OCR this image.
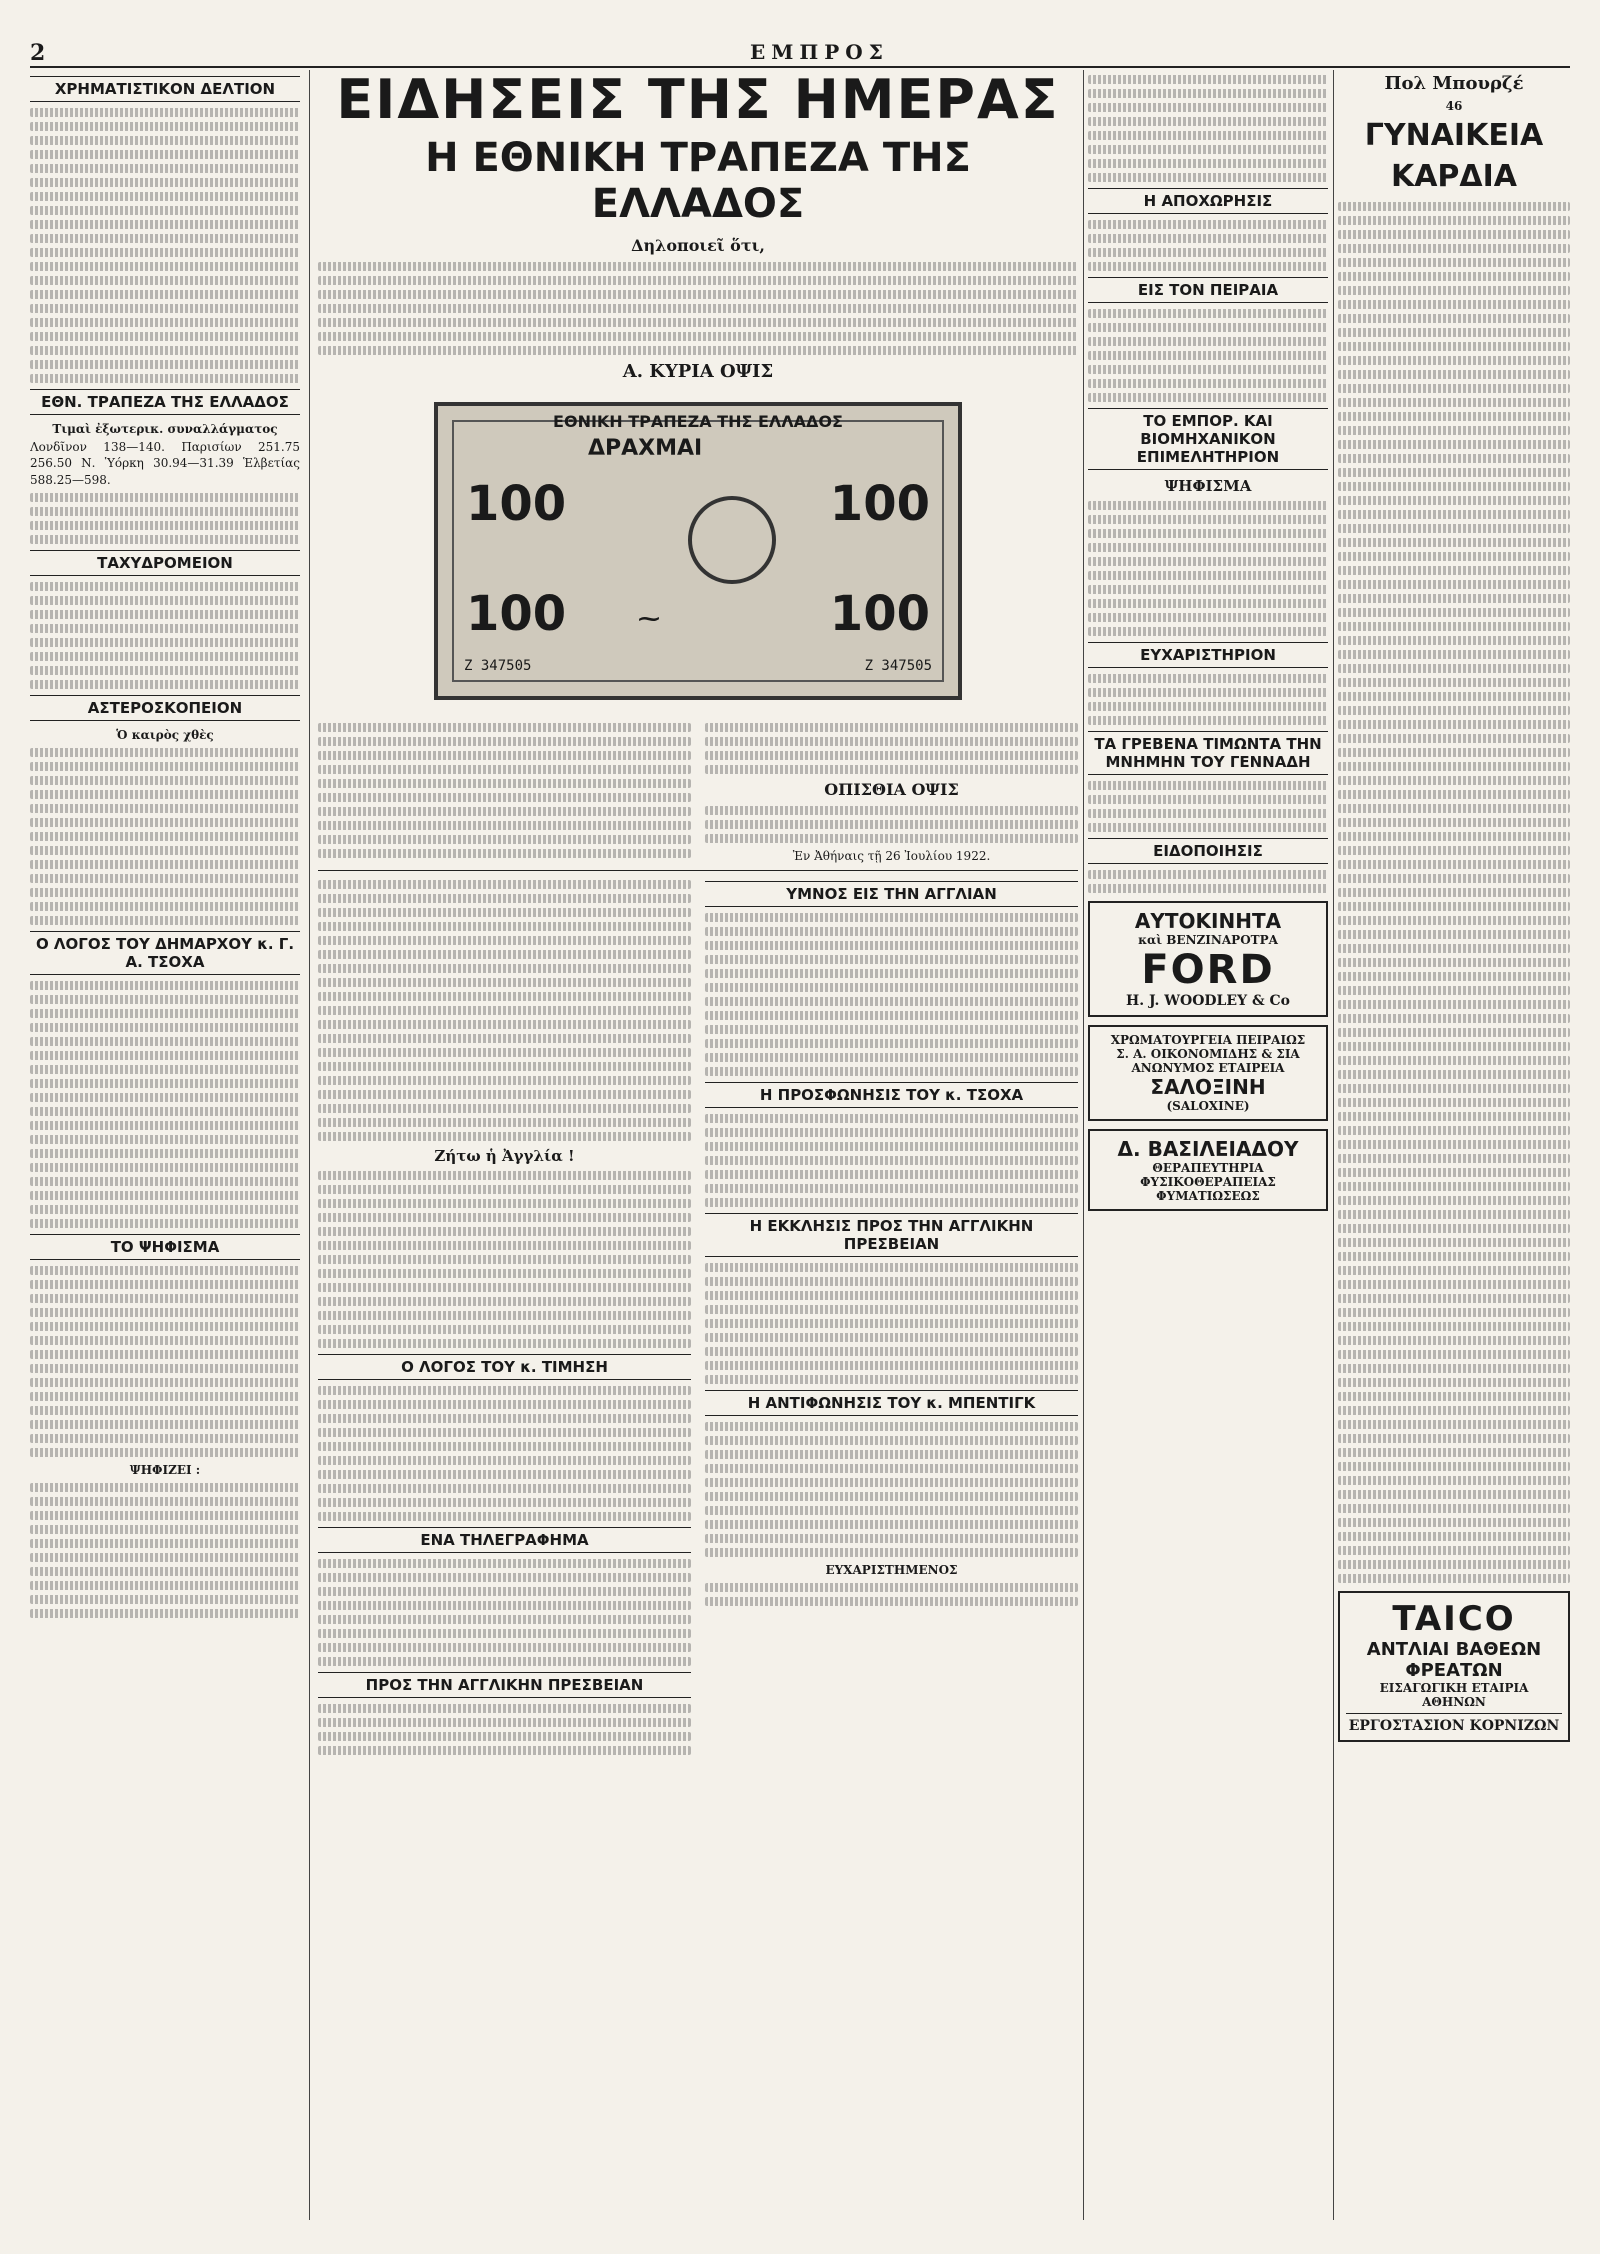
2	ΕΜΠΡΟΣ
ΧΡΗΜΑΤΙΣΤΙΚΟΝ ΔΕΛΤΙΟΝ
ΕΘΝ. ΤΡΑΠΕΖΑ ΤΗΣ ΕΛΛΑΔΟΣ
Τιμαὶ ἐξωτερικ. συναλλάγματος
Λονδῖνον 138—140. Παρισίων 251.75 256.50 Ν. Ὑόρκη 30.94—31.39 Ἑλβετίας 588.25—598.
ΤΑΧΥΔΡΟΜΕΙΟΝ
ΑΣΤΕΡΟΣΚΟΠΕΙΟΝ
Ὁ καιρὸς χθὲς
Ο ΛΟΓΟΣ ΤΟΥ ΔΗΜΑΡΧΟΥ κ. Γ. Α. ΤΣΟΧΑ
ΤΟ ΨΗΦΙΣΜΑ
ΨΗΦΙΖΕΙ :
ΕΙΔΗΣΕΙΣ ΤΗΣ ΗΜΕΡΑΣ
Η ΕΘΝΙΚΗ ΤΡΑΠΕΖΑ ΤΗΣ ΕΛΛΑΔΟΣ
Δηλοποιεῖ ὅτι,
Α. ΚΥΡΙΑ ΟΨΙΣ
ΕΘΝΙΚΗ ΤΡΑΠΕΖΑ ΤΗΣ ΕΛΛΑΔΟΣ
ΔΡΑΧΜΑΙ
100	100
100	100
Ζ 347505	Ζ 347505
⁓
ΟΠΙΣΘΙΑ ΟΨΙΣ
Ἐν Ἀθήναις τῇ 26 Ἰουλίου 1922.
Ζήτω ἡ Ἀγγλία !
Ο ΛΟΓΟΣ ΤΟΥ κ. ΤΙΜΗΣΗ
ΕΝΑ ΤΗΛΕΓΡΑΦΗΜΑ
ΠΡΟΣ ΤΗΝ ΑΓΓΛΙΚΗΝ ΠΡΕΣΒΕΙΑΝ
ΥΜΝΟΣ ΕΙΣ ΤΗΝ ΑΓΓΛΙΑΝ
Η ΠΡΟΣΦΩΝΗΣΙΣ ΤΟΥ κ. ΤΣΟΧΑ
Η ΕΚΚΛΗΣΙΣ ΠΡΟΣ ΤΗΝ ΑΓΓΛΙΚΗΝ ΠΡΕΣΒΕΙΑΝ
Η ΑΝΤΙΦΩΝΗΣΙΣ ΤΟΥ κ. ΜΠΕΝΤΙΓΚ
ΕΥΧΑΡΙΣΤΗΜΕΝΟΣ
Η ΑΠΟΧΩΡΗΣΙΣ
ΕΙΣ ΤΟΝ ΠΕΙΡΑΙΑ
ΤΟ ΕΜΠΟΡ. ΚΑΙ ΒΙΟΜΗΧΑΝΙΚΟΝ ΕΠΙΜΕΛΗΤΗΡΙΟΝ
ΨΗΦΙΣΜΑ
ΕΥΧΑΡΙΣΤΗΡΙΟΝ
ΤΑ ΓΡΕΒΕΝΑ ΤΙΜΩΝΤΑ ΤΗΝ ΜΝΗΜΗΝ ΤΟΥ ΓΕΝΝΑΔΗ
ΕΙΔΟΠΟΙΗΣΙΣ
ΑΥΤΟΚΙΝΗΤΑ
καὶ ΒΕΝΖΙΝΑΡΟΤΡΑ
FORD
H. J. WOODLEY & Co
ΧΡΩΜΑΤΟΥΡΓΕΙΑ ΠΕΙΡΑΙΩΣ
Σ. Α. ΟΙΚΟΝΟΜΙΔΗΣ & ΣΙΑ
ΑΝΩΝΥΜΟΣ ΕΤΑΙΡΕΙΑ
ΣΑΛΟΞΙΝΗ
(SALOXINE)
Δ. ΒΑΣΙΛΕΙΑΔΟΥ
ΘΕΡΑΠΕΥΤΗΡΙΑ
ΦΥΣΙΚΟΘΕΡΑΠΕΙΑΣ
ΦΥΜΑΤΙΩΣΕΩΣ
Πολ Μπουρζέ
46
ΓΥΝΑΙΚΕΙΑ ΚΑΡΔΙΑ
TAICO
ΑΝΤΛΙΑΙ ΒΑΘΕΩΝ ΦΡΕΑΤΩΝ
ΕΙΣΑΓΩΓΙΚΗ ΕΤΑΙΡΙΑ ΑΘΗΝΩΝ
ΕΡΓΟΣΤΑΣΙΟΝ ΚΟΡΝΙΖΩΝ
